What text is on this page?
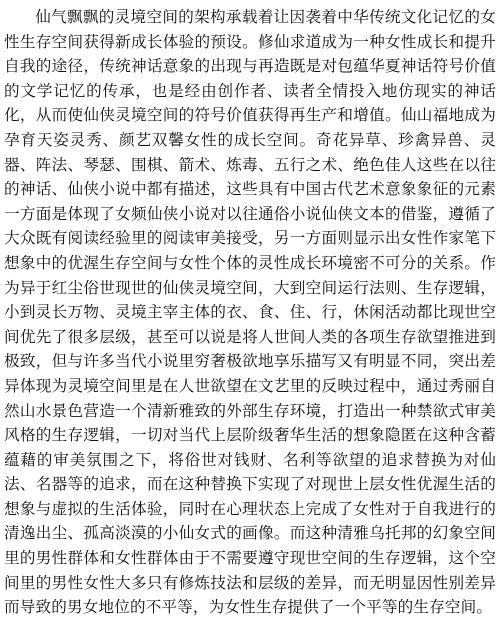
仙气飘飘的灵境空间的架构承载着让因袭着中华传统文化记忆的女性生存空间获得新成长体验的预设。修仙求道成为一种女性成长和提升自我的途径，传统神话意象的出现与再造既是对包蕴华夏神话符号价值的文学记忆的传承，也是经由创作者、读者全情投入地仿现实的神话化，从而使仙侠灵境空间的符号价值获得再生产和增值。仙山福地成为孕育天姿灵秀、颜艺双馨女性的成长空间。奇花异草、珍禽异兽、灵器、阵法、琴瑟、围棋、箭术、炼毒、五行之术、绝色佳人这些在以往的神话、仙侠小说中都有描述，这些具有中国古代艺术意象象征的元素一方面是体现了女频仙侠小说对以往通俗小说仙侠文本的借鉴，遵循了大众既有阅读经验里的阅读审美接受，另一方面则显示出女性作家笔下想象中的优渥生存空间与女性个体的灵性成长环境密不可分的关系。作为异于红尘俗世现世的仙侠灵境空间，大到空间运行法则、生存逻辑，小到灵长万物、灵境主宰主体的衣、食、住、行，休闲活动都比现世空间优先了很多层级，甚至可以说是将人世间人类的各项生存欲望推进到极致，但与许多当代小说里穷奢极欲地享乐描写又有明显不同，突出差异体现为灵境空间里是在人世欲望在文艺里的反映过程中，通过秀丽自然山水景色营造一个清新雅致的外部生存环境，打造出一种禁欲式审美风格的生存逻辑，一切对当代上层阶级奢华生活的想象隐匿在这种含蓄蕴藉的审美氛围之下，将俗世对钱财、名利等欲望的追求替换为对仙法、名器等的追求，而在这种替换下实现了对现世上层女性优渥生活的想象与虚拟的生活体验，同时在心理状态上完成了女性对于自我进行的清逸出尘、孤高淡漠的小仙女式的画像。而这种清雅乌托邦的幻象空间里的男性群体和女性群体由于不需要遵守现世空间的生存逻辑，这个空间里的男性女性大多只有修炼技法和层级的差异，而无明显因性别差异而导致的男女地位的不平等，为女性生存提供了一个平等的生存空间。
